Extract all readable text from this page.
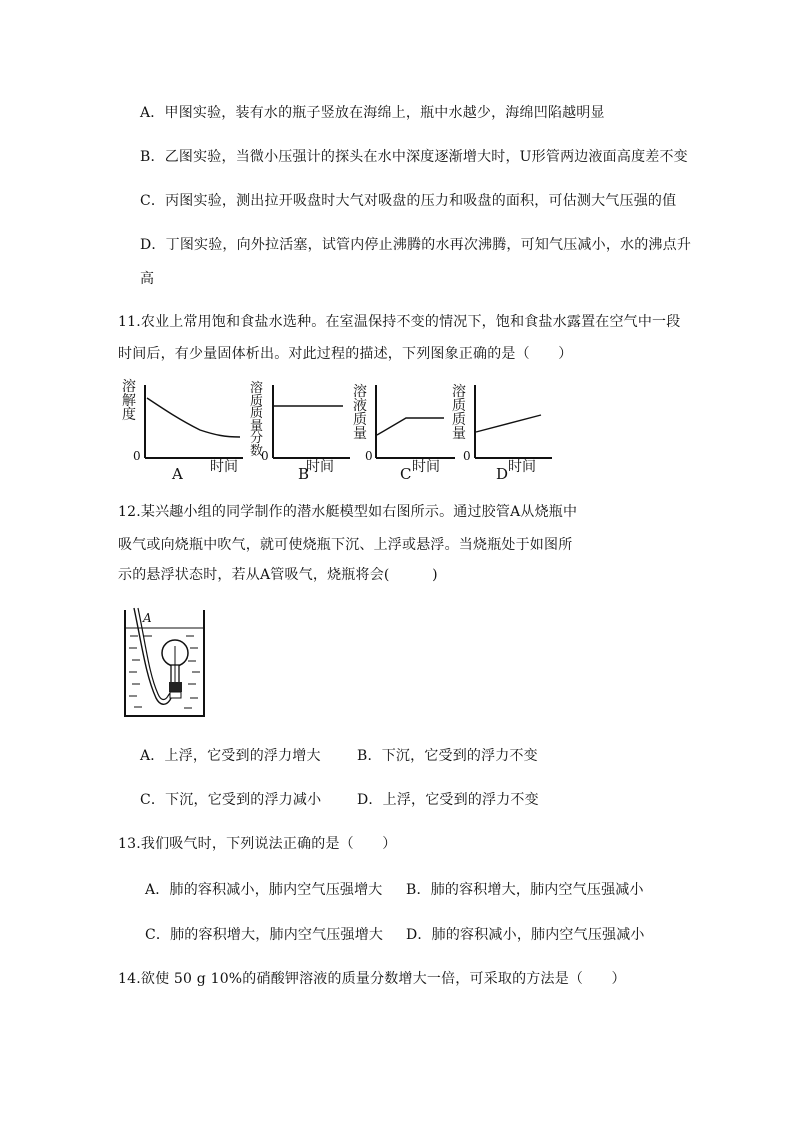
A．甲图实验，装有水的瓶子竖放在海绵上，瓶中水越少，海绵凹陷越明显
B．乙图实验，当微小压强计的探头在水中深度逐渐增大时，U形管两边液面高度差不变
C．丙图实验，测出拉开吸盘时大气对吸盘的压力和吸盘的面积，可估测大气压强的值
D．丁图实验，向外拉活塞，试管内停止沸腾的水再次沸腾，可知气压减小，水的沸点升
高
11.农业上常用饱和食盐水选种。在室温保持不变的情况下，饱和食盐水露置在空气中一段
时间后，有少量固体析出。对此过程的描述，下列图象正确的是（　　）
溶
解
度
0
时间
A
溶
质
质
量
分
数
0
时间
B
溶
液
质
量
0
时间
C
溶
质
质
量
0
时间
D
12.某兴趣小组的同学制作的潜水艇模型如右图所示。通过胶管A从烧瓶中
吸气或向烧瓶中吹气，就可使烧瓶下沉、上浮或悬浮。当烧瓶处于如图所
示的悬浮状态时，若从A管吸气，烧瓶将会(　　　)
A
A．上浮，它受到的浮力增大	B．下沉，它受到的浮力不变
C．下沉，它受到的浮力减小	D．上浮，它受到的浮力不变
13.我们吸气时，下列说法正确的是（　　）
A．肺的容积减小，肺内空气压强增大 B．肺的容积增大，肺内空气压强减小
C．肺的容积增大，肺内空气压强增大 D．肺的容积减小，肺内空气压强减小
14.欲使 50 g 10%的硝酸钾溶液的质量分数增大一倍，可采取的方法是（　　）
